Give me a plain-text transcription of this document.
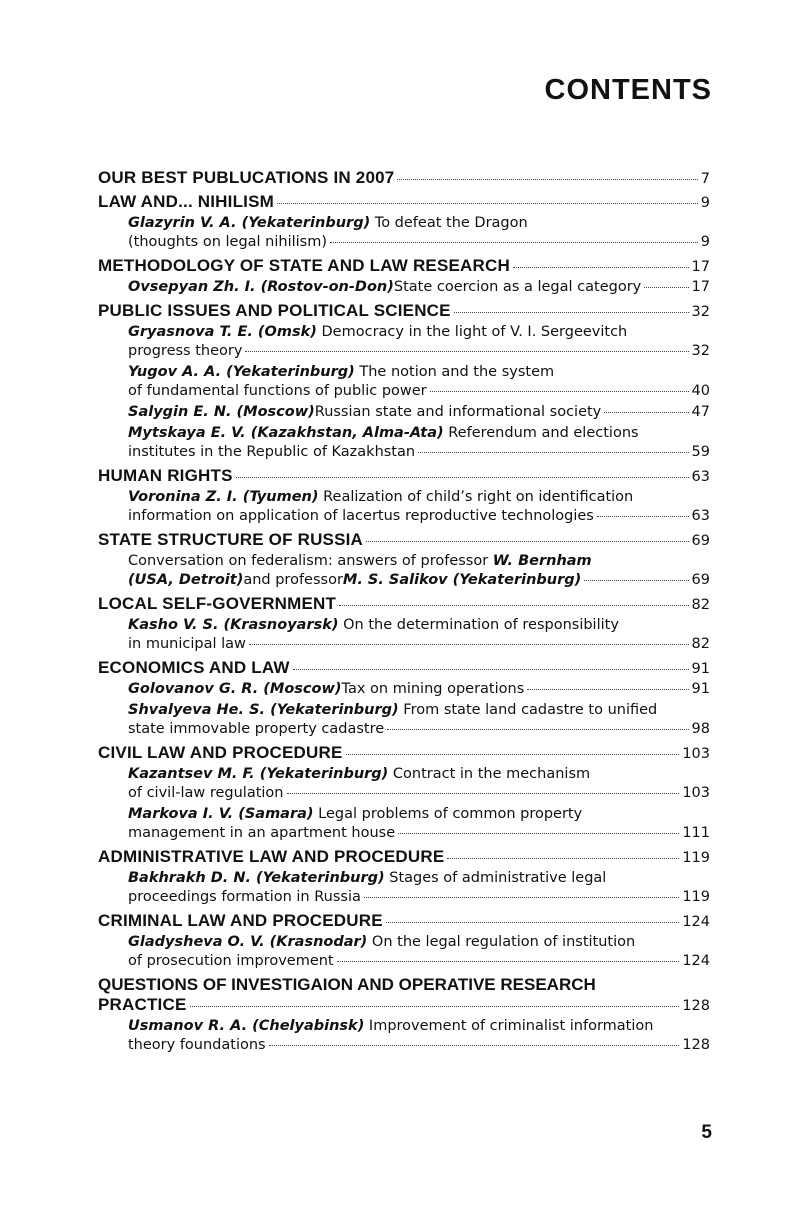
CONTENTS
OUR BEST PUBLUCATIONS IN 2007	7
LAW AND... NIHILISM	9
Glazyrin V. A. (Yekaterinburg) To defeat the Dragon
(thoughts on legal nihilism)	9
METHODOLOGY OF STATE AND LAW RESEARCH	17
Ovsepyan Zh. I. (Rostov-on-Don) State coercion as a legal category	17
PUBLIC ISSUES AND POLITICAL SCIENCE	32
Gryasnova T. E. (Omsk) Democracy in the light of V. I. Sergeevitch
progress theory	32
Yugov A. A. (Yekaterinburg) The notion and the system
of fundamental functions of public power	40
Salygin E. N. (Moscow) Russian state and informational society	47
Mytskaya E. V. (Kazakhstan, Alma-Ata) Referendum and elections
institutes in the Republic of Kazakhstan	59
HUMAN RIGHTS	63
Voronina Z. I. (Tyumen) Realization of child’s right on identification
information on application of lacertus reproductive technologies	63
STATE STRUCTURE OF RUSSIA	69
Conversation on federalism: answers of professor W. Bernham
(USA, Detroit) and professor M. S. Salikov (Yekaterinburg)	69
LOCAL SELF-GOVERNMENT	82
Kasho V. S. (Krasnoyarsk) On the determination of responsibility
in municipal law	82
ECONOMICS AND LAW	91
Golovanov G. R. (Moscow) Tax on mining operations	91
Shvalyeva He. S. (Yekaterinburg) From state land cadastre to unified
state immovable property cadastre	98
CIVIL LAW AND PROCEDURE	103
Kazantsev M. F. (Yekaterinburg) Contract in the mechanism
of civil-law regulation	103
Markova I. V. (Samara) Legal problems of common property
management in an apartment house	111
ADMINISTRATIVE LAW AND PROCEDURE	119
Bakhrakh D. N. (Yekaterinburg) Stages of administrative legal
proceedings formation in Russia	119
CRIMINAL LAW AND PROCEDURE	124
Gladysheva O. V. (Krasnodar) On the legal regulation of institution
of prosecution improvement	124
QUESTIONS OF INVESTIGAION AND OPERATIVE RESEARCH
PRACTICE	128
Usmanov R. A. (Chelyabinsk) Improvement of criminalist information
theory foundations	128
5
